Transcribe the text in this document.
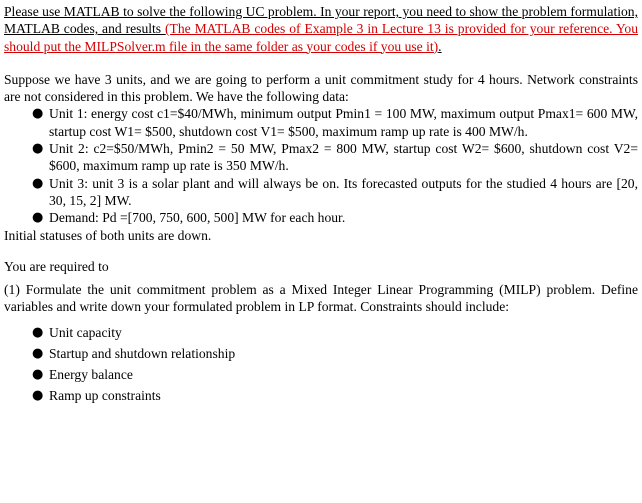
Please use MATLAB to solve the following UC problem. In your report, you need to show the problem formulation, MATLAB codes, and results (The MATLAB codes of Example 3 in Lecture 13 is provided for your reference. You should put the MILPSolver.m file in the same folder as your codes if you use it).

Suppose we have 3 units, and we are going to perform a unit commitment study for 4 hours. Network constraints are not considered in this problem. We have the following data:

● Unit 1: energy cost c1=$40/MWh, minimum output Pmin1 = 100 MW, maximum output Pmax1= 600 MW, startup cost W1= $500, shutdown cost V1= $500, maximum ramp up rate is 400 MW/h.
● Unit 2: c2=$50/MWh, Pmin2 = 50 MW, Pmax2 = 800 MW, startup cost W2= $600, shutdown cost V2= $600, maximum ramp up rate is 350 MW/h.
● Unit 3: unit 3 is a solar plant and will always be on. Its forecasted outputs for the studied 4 hours are [20, 30, 15, 2] MW.
● Demand: Pd =[700, 750, 600, 500] MW for each hour.

Initial statuses of both units are down.

You are required to

(1) Formulate the unit commitment problem as a Mixed Integer Linear Programming (MILP) problem. Define variables and write down your formulated problem in LP format. Constraints should include:

● Unit capacity
● Startup and shutdown relationship
● Energy balance
● Ramp up constraints
